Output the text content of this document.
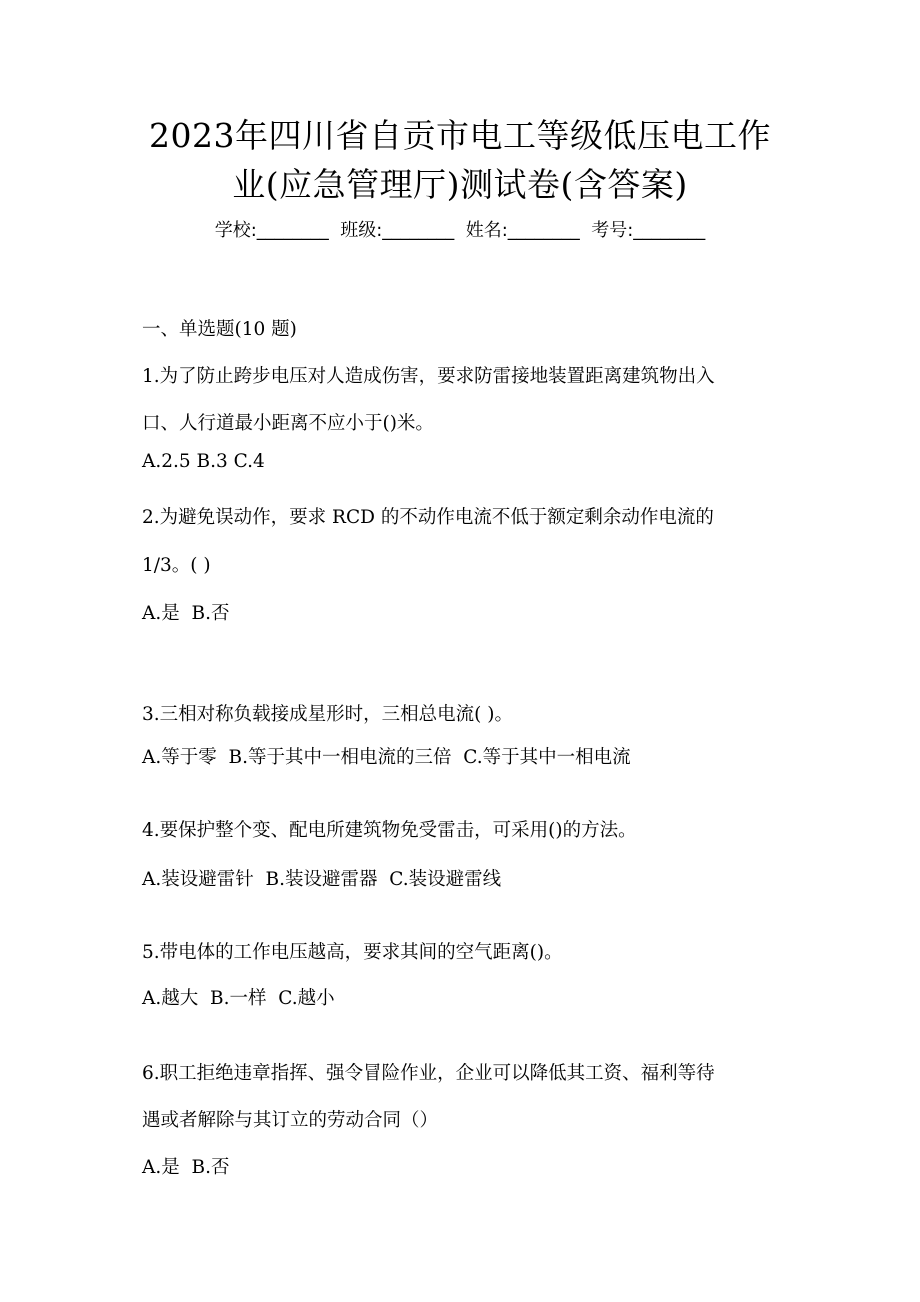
2023年四川省自贡市电工等级低压电工作
业(应急管理厅)测试卷(含答案)
学校:________  班级:________  姓名:________  考号:________
一、单选题(10 题)
1.为了防止跨步电压对人造成伤害，要求防雷接地装置距离建筑物出入
口、人行道最小距离不应小于()米。
A.2.5 B.3 C.4
2.为避免误动作，要求 RCD 的不动作电流不低于额定剩余动作电流的
1/3。( )
A.是  B.否
3.三相对称负载接成星形时，三相总电流( )。
A.等于零  B.等于其中一相电流的三倍  C.等于其中一相电流
4.要保护整个变、配电所建筑物免受雷击，可采用()的方法。
A.装设避雷针  B.装设避雷器  C.装设避雷线
5.带电体的工作电压越高，要求其间的空气距离()。
A.越大  B.一样  C.越小
6.职工拒绝违章指挥、强令冒险作业，企业可以降低其工资、福利等待
遇或者解除与其订立的劳动合同（）
A.是  B.否
